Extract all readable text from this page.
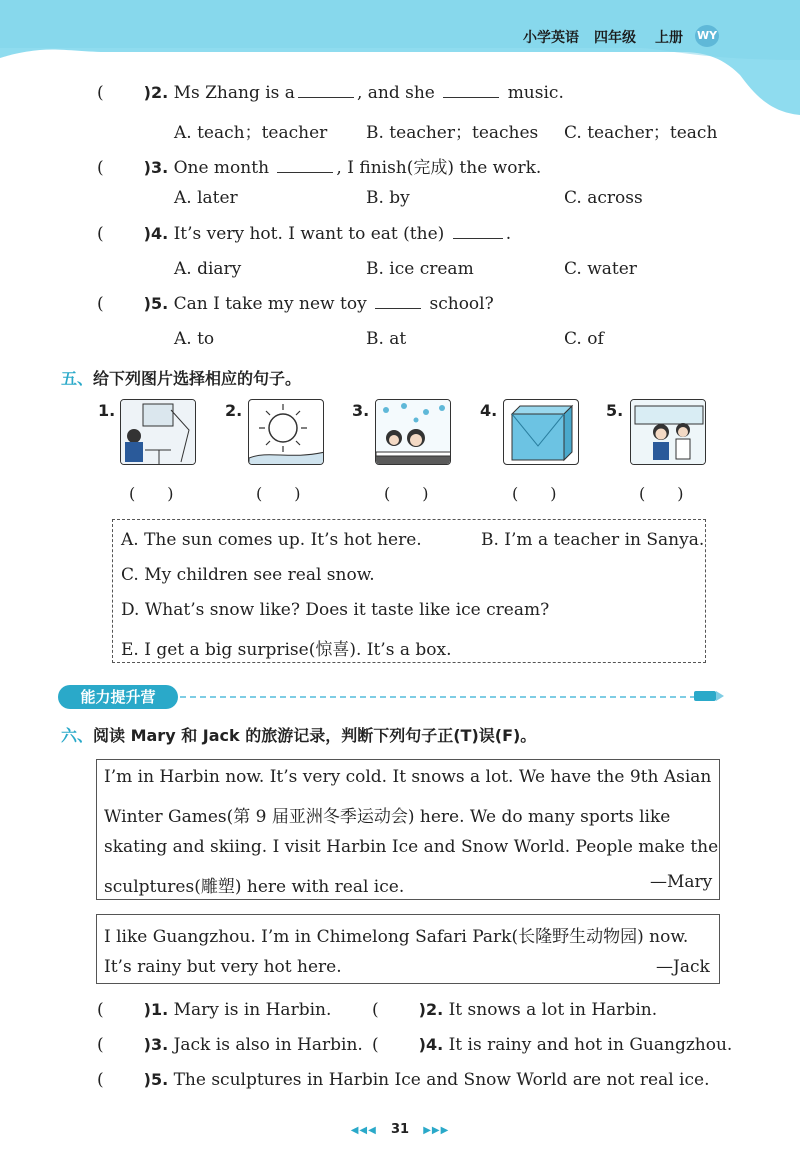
小学英语 四年级 上册 WY
(	)2. Ms Zhang is a	, and she	music.
A. teach；teacher B. teacher；teaches C. teacher；teach
(	)3. One month	, I finish(完成) the work.
A. later	B. by	C. across
(	)4. It’s very hot. I want to eat (the)	.
A. diary	B. ice cream	C. water
(	)5. Can I take my new toy	school?
A. to	B. at	C. of
五、给下列图片选择相应的句子。
1.	2.	3.	4.	5.
(　　)	(　　)	(　　)	(　　)	(　　)
A. The sun comes up. It’s hot here.	B. I’m a teacher in Sanya.
C. My children see real snow.
D. What’s snow like? Does it taste like ice cream?
E. I get a big surprise(惊喜). It’s a box.
能力提升营
六、阅读 Mary 和 Jack 的旅游记录，判断下列句子正(T)误(F)。
I’m in Harbin now. It’s very cold. It snows a lot. We have the 9th Asian
Winter Games(第 9 届亚洲冬季运动会) here. We do many sports like
skating and skiing. I visit Harbin Ice and Snow World. People make the
sculptures(雕塑) here with real ice.	—Mary
I like Guangzhou. I’m in Chimelong Safari Park(长隆野生动物园) now.
It’s rainy but very hot here.	—Jack
(	)1. Mary is in Harbin. (	)2. It snows a lot in Harbin.
(	)3. Jack is also in Harbin. (	)4. It is rainy and hot in Guangzhou.
(	)5. The sculptures in Harbin Ice and Snow World are not real ice.
◀◀◀ 31 ▶▶▶
